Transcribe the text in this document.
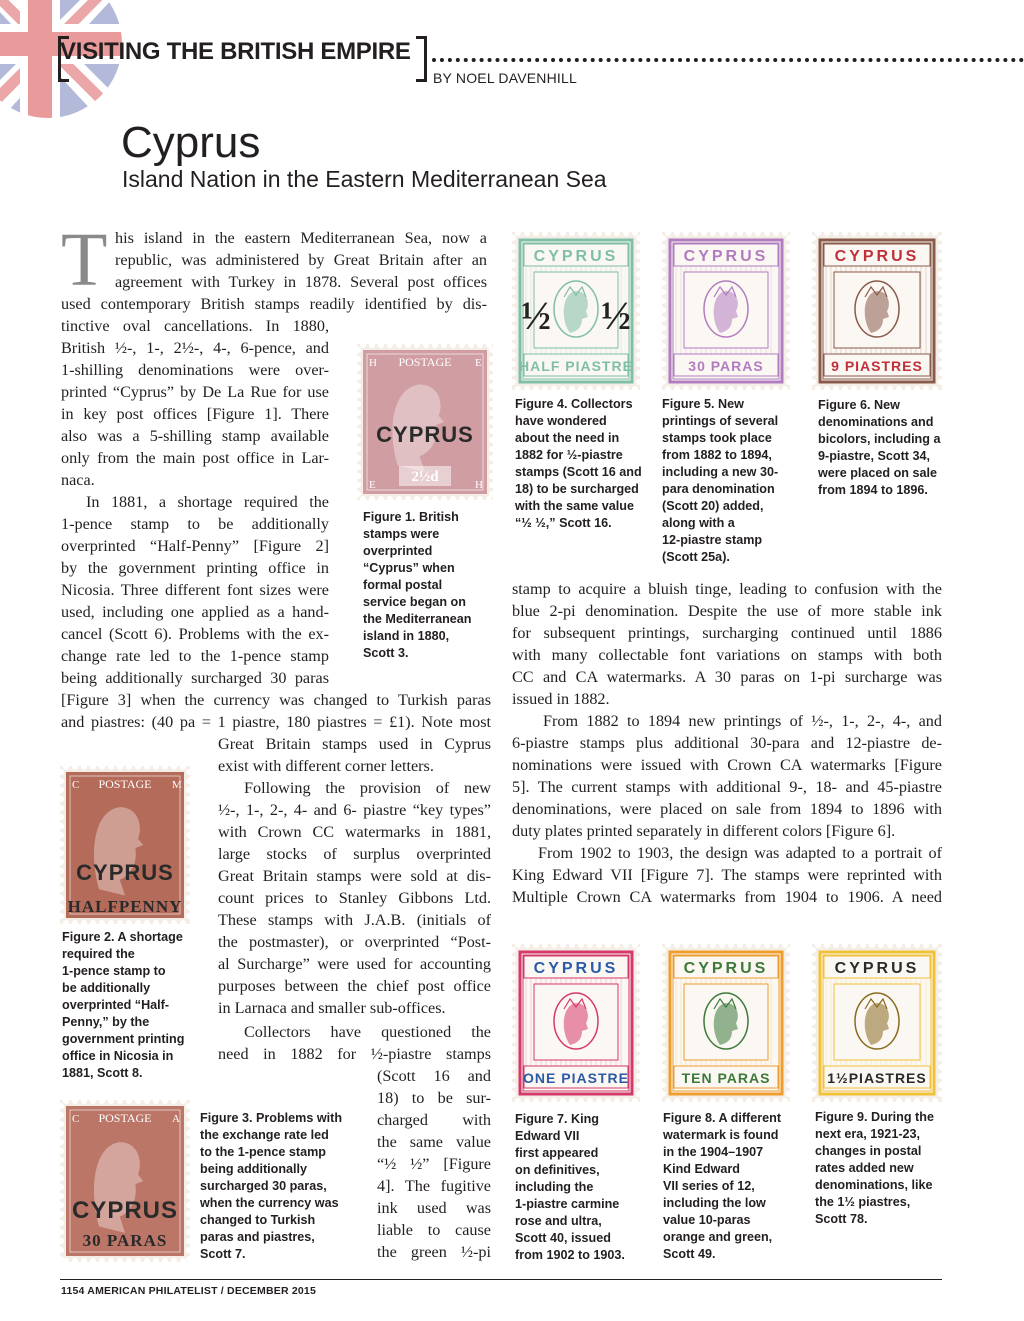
VISITING THE BRITISH EMPIRE
BY NOEL DAVENHILL
Cyprus
Island Nation in the Eastern Mediterranean Sea
T his island in the eastern Mediterranean Sea, now a
republic, was administered by Great Britain after an
agreement with Turkey in 1878. Several post offices
used contemporary British stamps readily identified by dis-
tinctive oval cancellations. In 1880,
British ½-, 1-, 2½-, 4-, 6-pence, and
1-shilling denominations were over-
printed “Cyprus” by De La Rue for use
in key post offices [Figure 1]. There
also was a 5-shilling stamp available
only from the main post office in Lar-
naca.
In 1881, a shortage required the
1-pence stamp to be additionally
overprinted “Half-Penny” [Figure 2]
by the government printing office in
Nicosia. Three different font sizes were
used, including one applied as a hand-
cancel (Scott 6). Problems with the ex-
change rate led to the 1-pence stamp
being additionally surcharged 30 paras
[Figure 3] when the currency was changed to Turkish paras
and piastres: (40 pa = 1 piastre, 180 piastres = £1). Note most
Great Britain stamps used in Cyprus
exist with different corner letters.
Following the provision of new
½-, 1-, 2-, 4- and 6- piastre “key types”
with Crown CC watermarks in 1881,
large stocks of surplus overprinted
Great Britain stamps were sold at dis-
count prices to Stanley Gibbons Ltd.
These stamps with J.A.B. (initials of
the postmaster), or overprinted “Post-
al Surcharge” were used for accounting
purposes between the chief post office
in Larnaca and smaller sub-offices.
Collectors have questioned the
need in 1882 for ½-piastre stamps
(Scott 16 and
18) to be sur-
charged with
the same value
“½ ½” [Figure
4]. The fugitive
ink used was
liable to cause
the green ½-pi
stamp to acquire a bluish tinge, leading to confusion with the
blue 2-pi denomination. Despite the use of more stable ink
for subsequent printings, surcharging continued until 1886
with many collectable font variations on stamps with both
CC and CA watermarks. A 30 paras on 1-pi surcharge was
issued in 1882.
From 1882 to 1894 new printings of ½-, 1-, 2-, 4-, and
6-piastre stamps plus additional 30-para and 12-piastre de-
nominations were issued with Crown CA watermarks [Figure
5]. The current stamps with additional 9-, 18- and 45-piastre
denominations, were placed on sale from 1894 to 1896 with
duty plates printed separately in different colors [Figure 6].
From 1902 to 1903, the design was adapted to a portrait of
King Edward VII [Figure 7]. The stamps were reprinted with
Multiple Crown CA watermarks from 1904 to 1906. A need
POSTAGE
H	E
E	H
CYPRUS
2½d
POSTAGE
C	M
CYPRUS
HALFPENNY
POSTAGE
C	A
CYPRUS
30 PARAS
CYPRUS
HALF PIASTRE
½ ½
CYPRUS
30 PARAS
CYPRUS
9 PIASTRES
CYPRUS
ONE PIASTRE
CYPRUS
TEN PARAS
CYPRUS
1½PIASTRES
Figure 1. British
stamps were
overprinted
“Cyprus” when
formal postal
service began on
the Mediterranean
island in 1880,
Scott 3.
Figure 2. A shortage
required the
1-pence stamp to
be additionally
overprinted “Half-
Penny,” by the
government printing
office in Nicosia in
1881, Scott 8.
Figure 3. Problems with
the exchange rate led
to the 1-pence stamp
being additionally
surcharged 30 paras,
when the currency was
changed to Turkish
paras and piastres,
Scott 7.
Figure 4. Collectors
have wondered
about the need in
1882 for ½-piastre
stamps (Scott 16 and
18) to be surcharged
with the same value
“½ ½,” Scott 16.
Figure 5. New
printings of several
stamps took place
from 1882 to 1894,
including a new 30-
para denomination
(Scott 20) added,
along with a
12-piastre stamp
(Scott 25a).
Figure 6. New
denominations and
bicolors, including a
9-piastre, Scott 34,
were placed on sale
from 1894 to 1896.
Figure 7. King
Edward VII
first appeared
on definitives,
including the
1-piastre carmine
rose and ultra,
Scott 40, issued
from 1902 to 1903.
Figure 8. A different
watermark is found
in the 1904–1907
Kind Edward
VII series of 12,
including the low
value 10-paras
orange and green,
Scott 49.
Figure 9. During the
next era, 1921-23,
changes in postal
rates added new
denominations, like
the 1½ piastres,
Scott 78.
1154 AMERICAN PHILATELIST / DECEMBER 2015
